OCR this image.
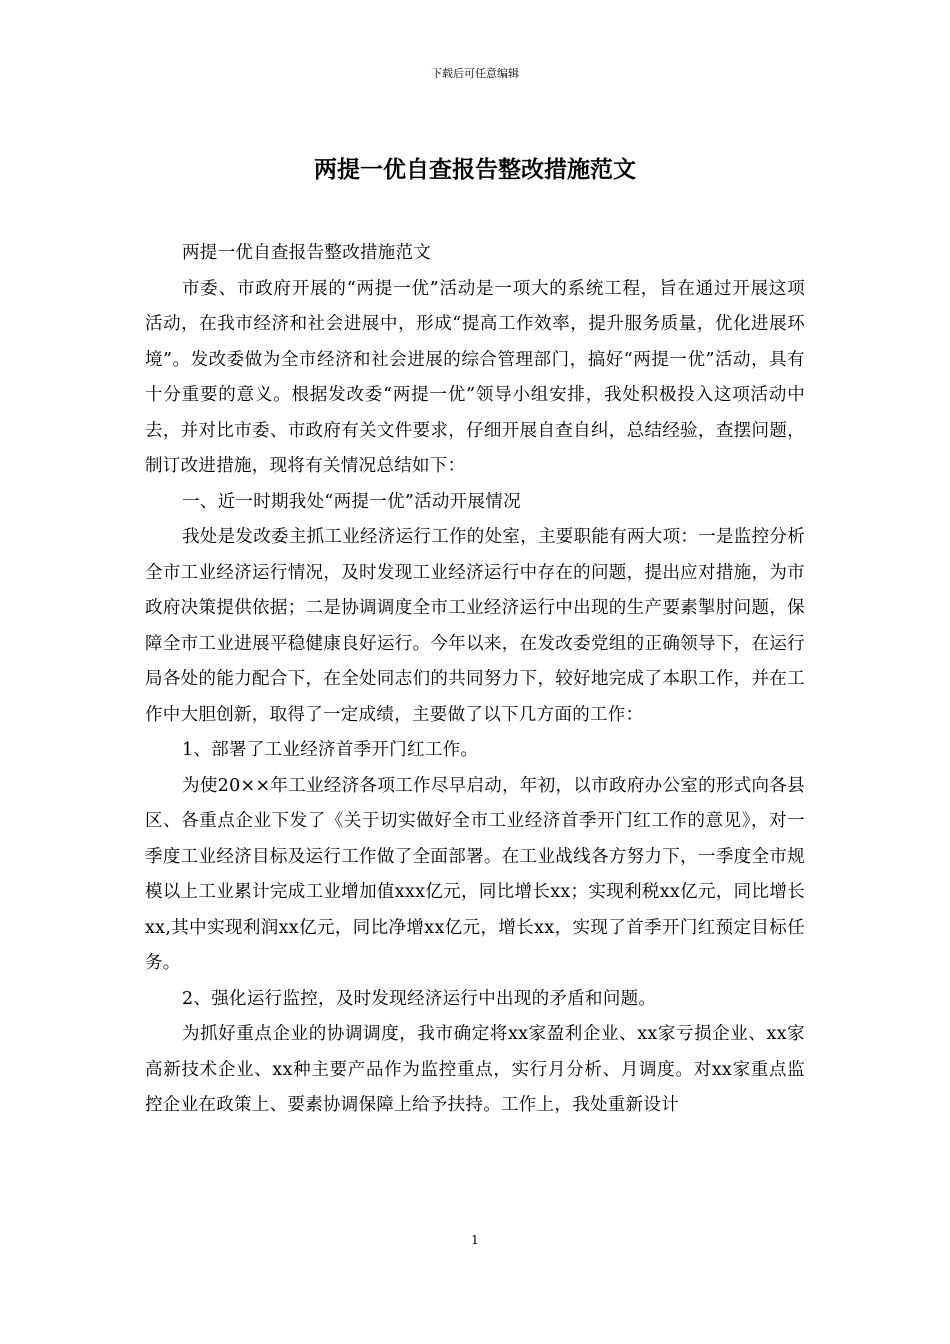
下载后可任意编辑
两提一优自查报告整改措施范文

两提一优自查报告整改措施范文

市委、市政府开展的“两提一优”活动是一项大的系统工程，旨在通过开展这项活动，在我市经济和社会进展中，形成“提高工作效率，提升服务质量，优化进展环境”。发改委做为全市经济和社会进展的综合管理部门，搞好“两提一优”活动，具有十分重要的意义。根据发改委“两提一优”领导小组安排，我处积极投入这项活动中去，并对比市委、市政府有关文件要求，仔细开展自查自纠，总结经验，查摆问题，制订改进措施，现将有关情况总结如下：

一、近一时期我处“两提一优”活动开展情况

我处是发改委主抓工业经济运行工作的处室，主要职能有两大项：一是监控分析全市工业经济运行情况，及时发现工业经济运行中存在的问题，提出应对措施，为市政府决策提供依据；二是协调调度全市工业经济运行中出现的生产要素掣肘问题，保障全市工业进展平稳健康良好运行。今年以来，在发改委党组的正确领导下，在运行局各处的能力配合下，在全处同志们的共同努力下，较好地完成了本职工作，并在工作中大胆创新，取得了一定成绩，主要做了以下几方面的工作：

1、部署了工业经济首季开门红工作。

为使20××年工业经济各项工作尽早启动，年初，以市政府办公室的形式向各县区、各重点企业下发了《关于切实做好全市工业经济首季开门红工作的意见》，对一季度工业经济目标及运行工作做了全面部署。在工业战线各方努力下，一季度全市规模以上工业累计完成工业增加值xxx亿元，同比增长xx；实现利税xx亿元，同比增长xx,其中实现利润xx亿元，同比净增xx亿元，增长xx，实现了首季开门红预定目标任务。

2、强化运行监控，及时发现经济运行中出现的矛盾和问题。

为抓好重点企业的协调调度，我市确定将xx家盈利企业、xx家亏损企业、xx家高新技术企业、xx种主要产品作为监控重点，实行月分析、月调度。对xx家重点监控企业在政策上、要素协调保障上给予扶持。工作上，我处重新设计

1
